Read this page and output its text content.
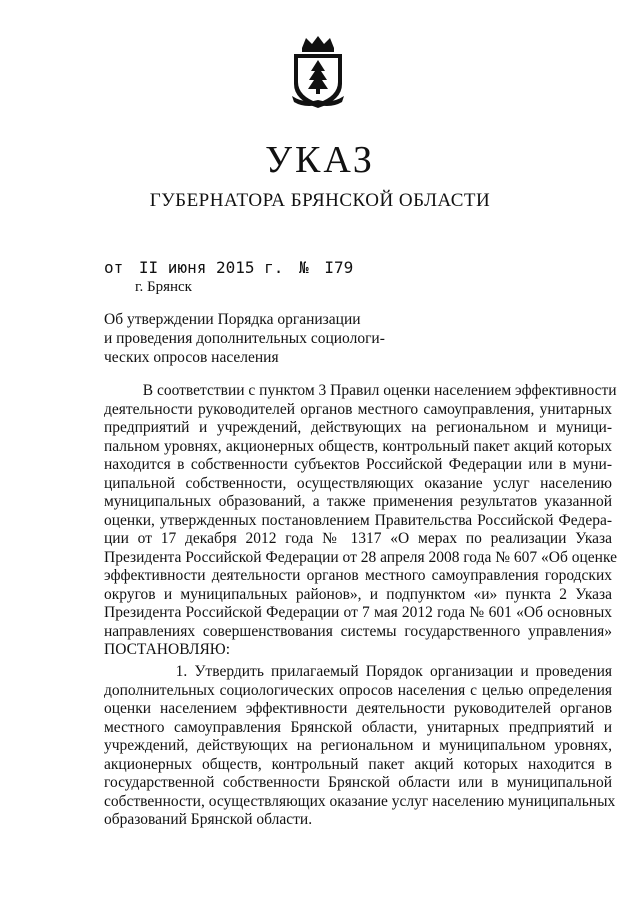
УКАЗ
ГУБЕРНАТОРА БРЯНСКОЙ ОБЛАСТИ
от II июня 2015 г. № I79
г. Брянск
Об утверждении Порядка организации
и проведения дополнительных социологи-
ческих опросов населения
В соответствии с пунктом 3 Правил оценки населением эффективности
деятельности руководителей органов местного самоуправления, унитарных
предприятий и учреждений, действующих на региональном и муници-
пальном уровнях, акционерных обществ, контрольный пакет акций которых
находится в собственности субъектов Российской Федерации или в муни-
ципальной собственности, осуществляющих оказание услуг населению
муниципальных образований, а также применения результатов указанной
оценки, утвержденных постановлением Правительства Российской Федера-
ции от 17 декабря 2012 года № 1317 «О мерах по реализации Указа
Президента Российской Федерации от 28 апреля 2008 года № 607 «Об оценке
эффективности деятельности органов местного самоуправления городских
округов и муниципальных районов», и подпунктом «и» пункта 2 Указа
Президента Российской Федерации от 7 мая 2012 года № 601 «Об основных
направлениях совершенствования системы государственного управления»
ПОСТАНОВЛЯЮ:
1. Утвердить прилагаемый Порядок организации и проведения
дополнительных социологических опросов населения с целью определения
оценки населением эффективности деятельности руководителей органов
местного самоуправления Брянской области, унитарных предприятий и
учреждений, действующих на региональном и муниципальном уровнях,
акционерных обществ, контрольный пакет акций которых находится в
государственной собственности Брянской области или в муниципальной
собственности, осуществляющих оказание услуг населению муниципальных
образований Брянской области.
